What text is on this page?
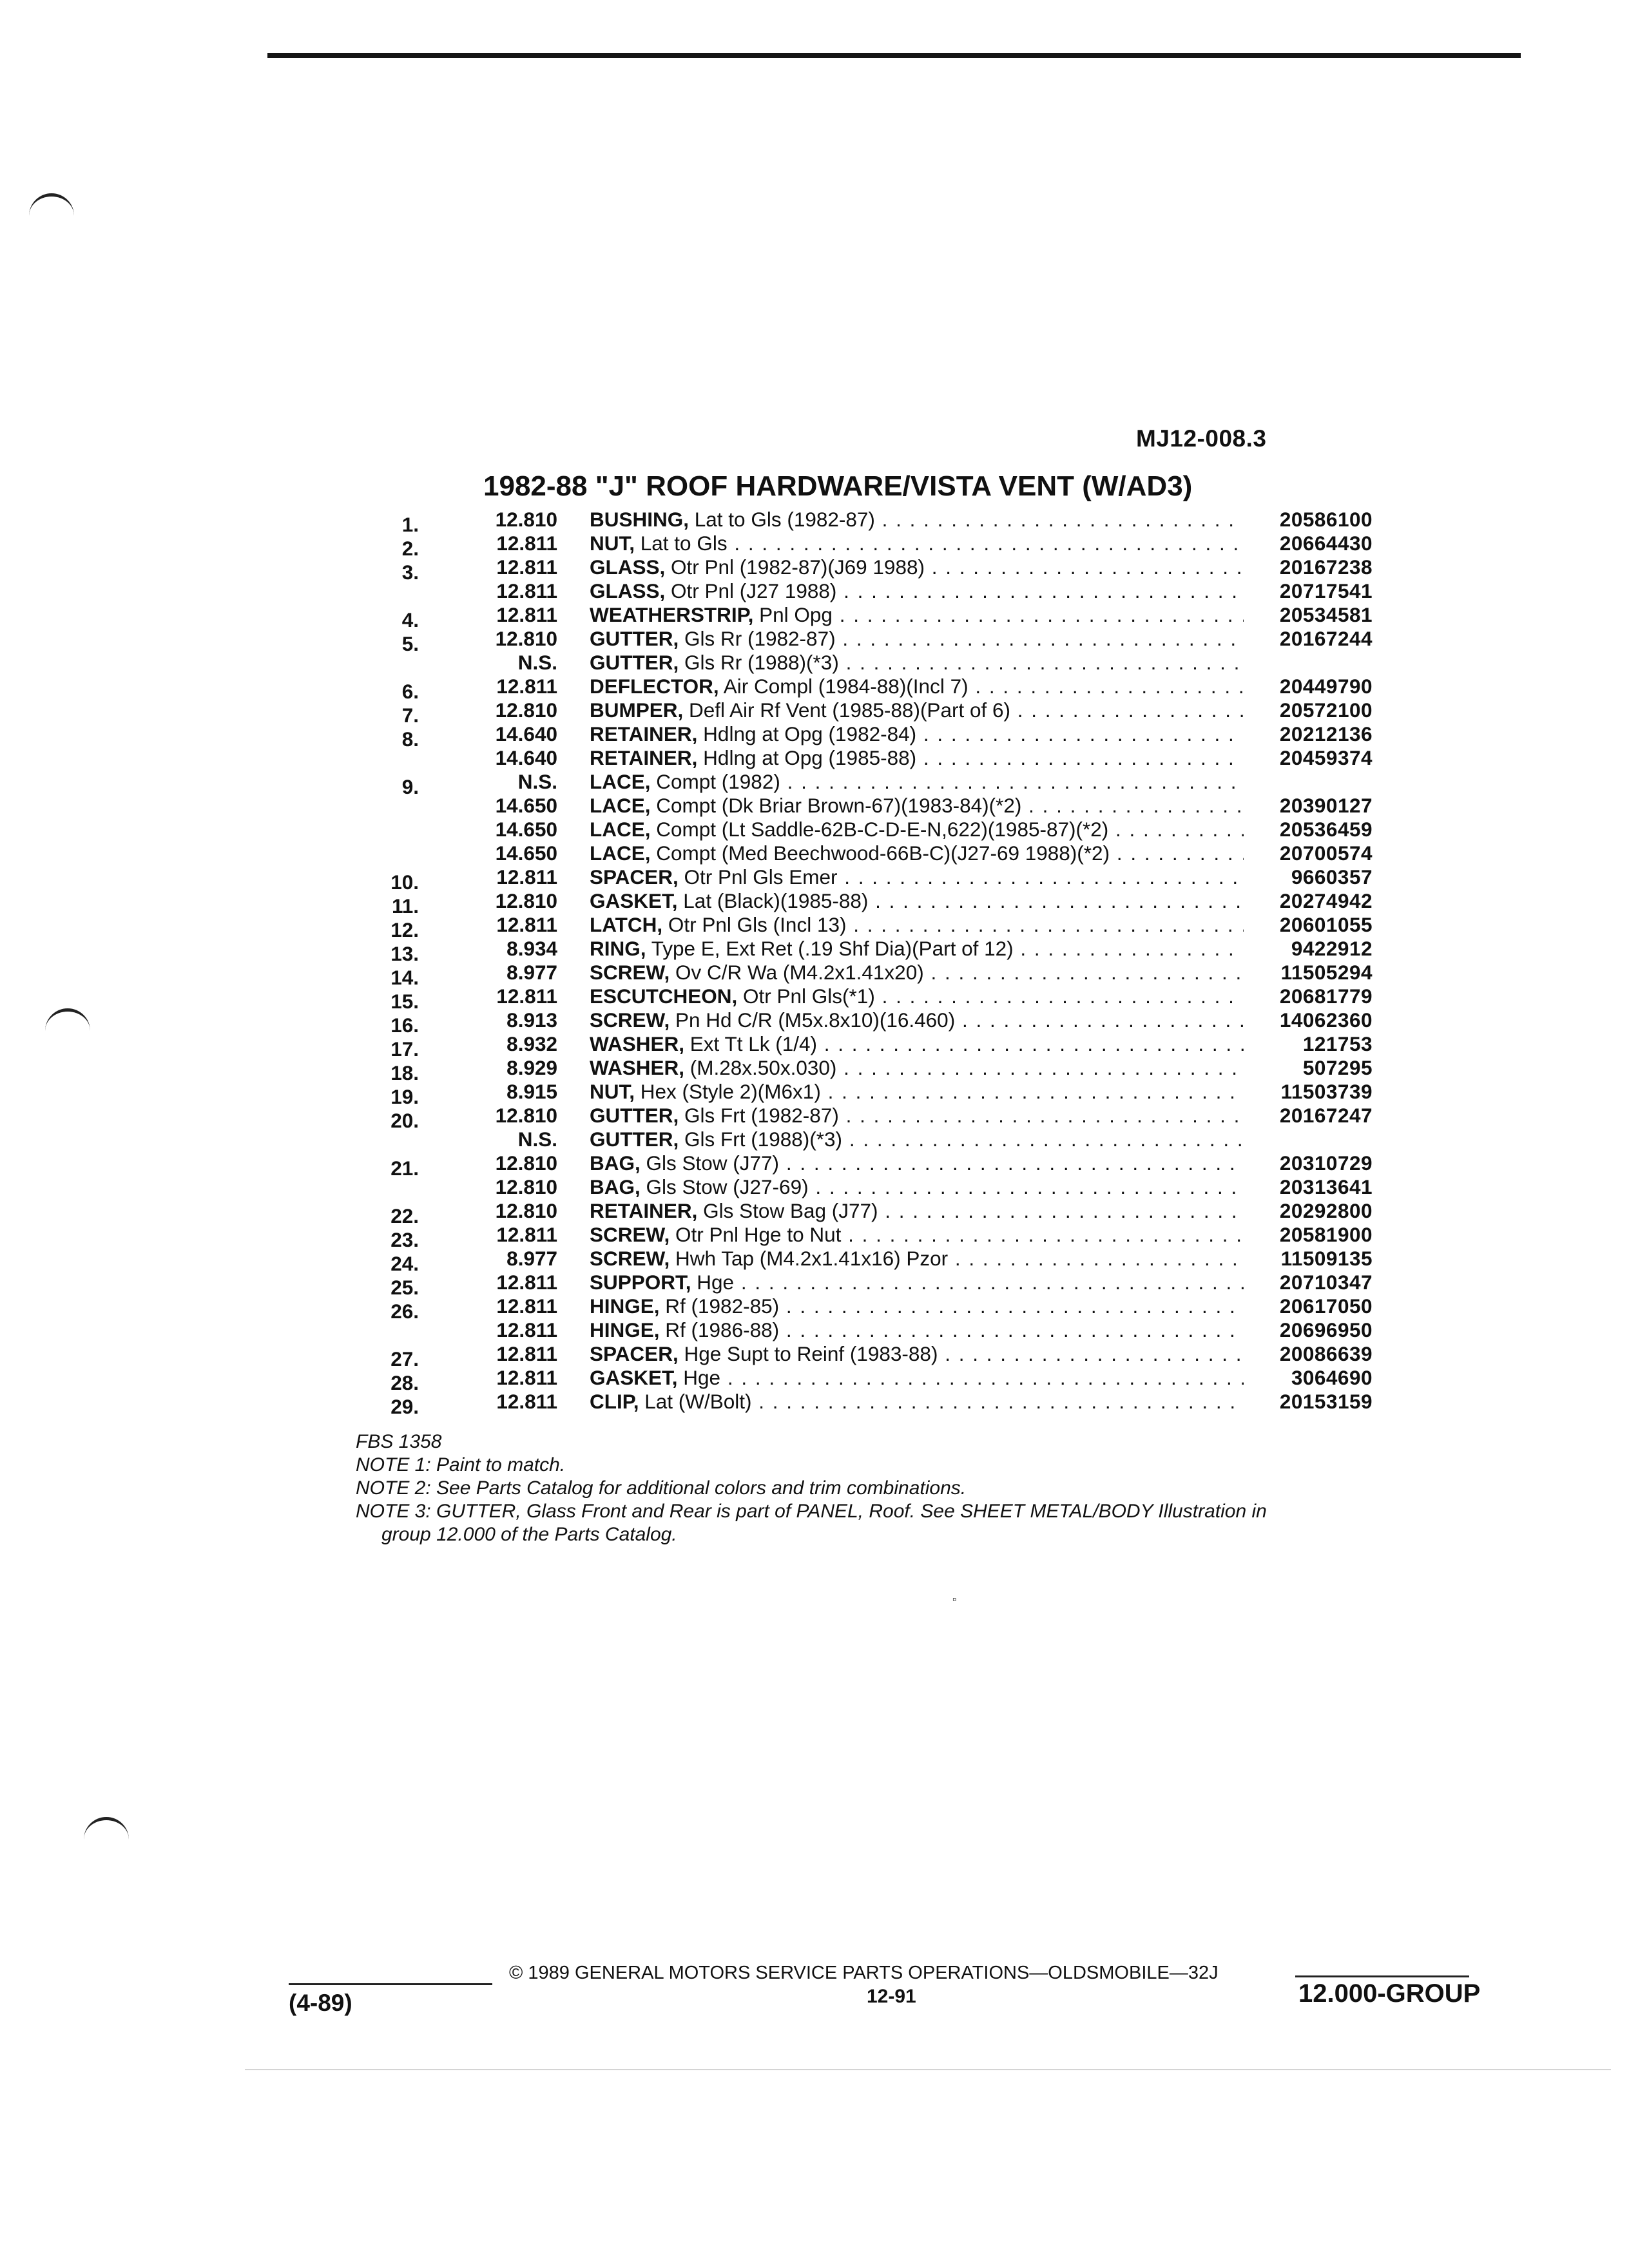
MJ12-008.3
1982-88 "J" ROOF HARDWARE/VISTA VENT (W/AD3)
1.	12.810 BUSHING, Lat to Gls (1982-87) . . .	20586100
2.	12.811 NUT, Lat to Gls . . .	20664430
3.	12.811 GLASS, Otr Pnl (1982-87)(J69 1988) . . .	20167238
12.811 GLASS, Otr Pnl (J27 1988) . . .	20717541
4.	12.811 WEATHERSTRIP, Pnl Opg . . .	20534581
5.	12.810 GUTTER, Gls Rr (1982-87) . . .	20167244
N.S. GUTTER, Gls Rr (1988)(*3) . . .
6.	12.811 DEFLECTOR, Air Compl (1984-88)(Incl 7) . . .	20449790
7.	12.810 BUMPER, Defl Air Rf Vent (1985-88)(Part of 6) . . .	20572100
8.	14.640 RETAINER, Hdlng at Opg (1982-84) . . .	20212136
14.640 RETAINER, Hdlng at Opg (1985-88) . . .	20459374
9.	N.S. LACE, Compt (1982) . . .
14.650 LACE, Compt (Dk Briar Brown-67)(1983-84)(*2) . . .	20390127
14.650 LACE, Compt (Lt Saddle-62B-C-D-E-N,622)(1985-87)(*2) . . .	20536459
14.650 LACE, Compt (Med Beechwood-66B-C)(J27-69 1988)(*2) . . .	20700574
10.	12.811 SPACER, Otr Pnl Gls Emer . . .	9660357
11.	12.810 GASKET, Lat (Black)(1985-88) . . .	20274942
12.	12.811 LATCH, Otr Pnl Gls (Incl 13) . . .	20601055
13.	8.934 RING, Type E, Ext Ret (.19 Shf Dia)(Part of 12) . . .	9422912
14.	8.977 SCREW, Ov C/R Wa (M4.2x1.41x20) . . .	11505294
15.	12.811 ESCUTCHEON, Otr Pnl Gls(*1) . . .	20681779
16.	8.913 SCREW, Pn Hd C/R (M5x.8x10)(16.460) . . .	14062360
17.	8.932 WASHER, Ext Tt Lk (1/4) . . .	121753
18.	8.929 WASHER, (M.28x.50x.030) . . .	507295
19.	8.915 NUT, Hex (Style 2)(M6x1) . . .	11503739
20.	12.810 GUTTER, Gls Frt (1982-87) . . .	20167247
N.S. GUTTER, Gls Frt (1988)(*3) . . .
21.	12.810 BAG, Gls Stow (J77) . . .	20310729
12.810 BAG, Gls Stow (J27-69) . . .	20313641
22.	12.810 RETAINER, Gls Stow Bag (J77) . . .	20292800
23.	12.811 SCREW, Otr Pnl Hge to Nut . . .	20581900
24.	8.977 SCREW, Hwh Tap (M4.2x1.41x16) Pzor . . .	11509135
25.	12.811 SUPPORT, Hge . . .	20710347
26.	12.811 HINGE, Rf (1982-85) . . .	20617050
12.811 HINGE, Rf (1986-88) . . .	20696950
27.	12.811 SPACER, Hge Supt to Reinf (1983-88) . . .	20086639
28.	12.811 GASKET, Hge . . .	3064690
29.	12.811 CLIP, Lat (W/Bolt) . . .	20153159
FBS 1358
NOTE 1: Paint to match.
NOTE 2: See Parts Catalog for additional colors and trim combinations.
NOTE 3: GUTTER, Glass Front and Rear is part of PANEL, Roof. See SHEET METAL/BODY Illustration in
group 12.000 of the Parts Catalog.
▫
© 1989 GENERAL MOTORS SERVICE PARTS OPERATIONS—OLDSMOBILE—32J
12-91
(4-89)	12.000-GROUP
